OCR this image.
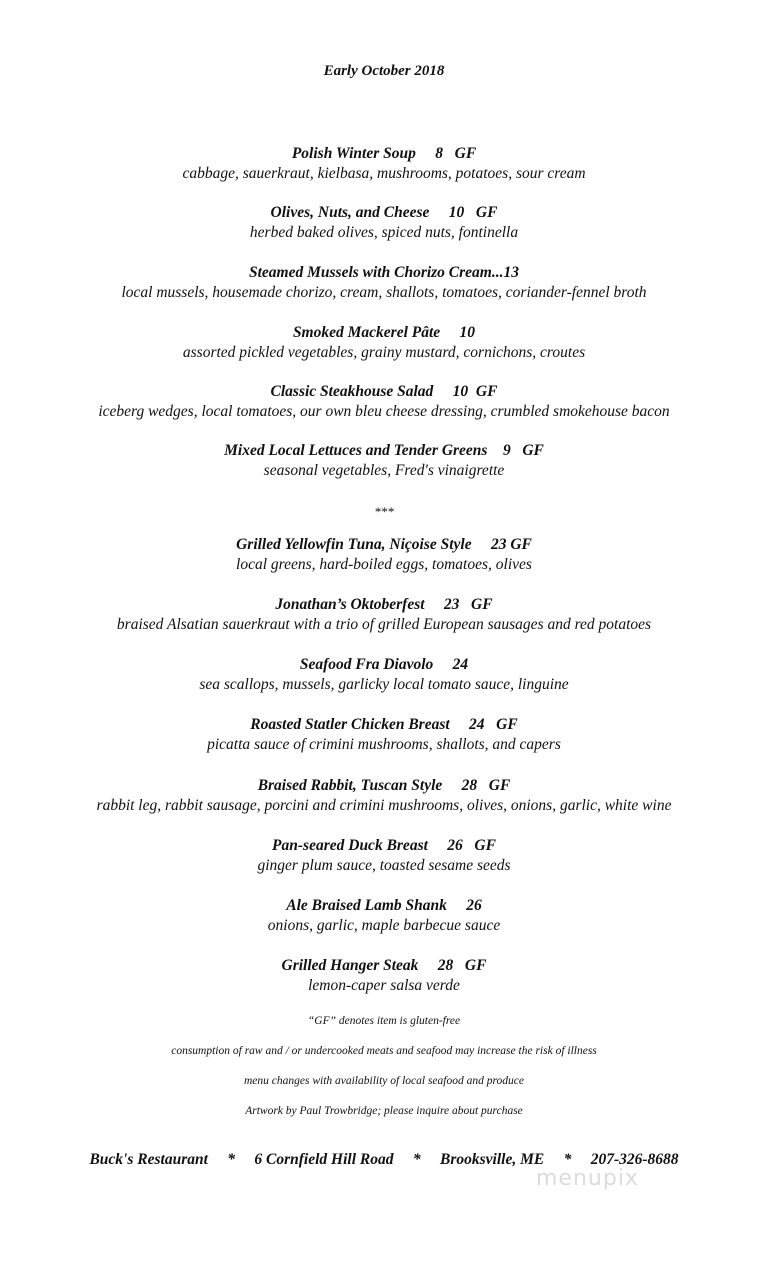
Early October 2018
Polish Winter Soup     8   GF
cabbage, sauerkraut, kielbasa, mushrooms, potatoes, sour cream
Olives, Nuts, and Cheese     10   GF
herbed baked olives, spiced nuts, fontinella
Steamed Mussels with Chorizo Cream...13
local mussels, housemade chorizo, cream, shallots, tomatoes, coriander-fennel broth
Smoked Mackerel Pâte     10
assorted pickled vegetables, grainy mustard, cornichons, croutes
Classic Steakhouse Salad     10  GF
iceberg wedges, local tomatoes, our own bleu cheese dressing, crumbled smokehouse bacon
Mixed Local Lettuces and Tender Greens    9   GF
seasonal vegetables, Fred's vinaigrette
***
Grilled Yellowfin Tuna, Niçoise Style     23 GF
local greens, hard-boiled eggs, tomatoes, olives
Jonathan’s Oktoberfest     23   GF
braised Alsatian sauerkraut with a trio of grilled European sausages and red potatoes
Seafood Fra Diavolo     24
sea scallops, mussels, garlicky local tomato sauce, linguine
Roasted Statler Chicken Breast     24   GF
picatta sauce of crimini mushrooms, shallots, and capers
Braised Rabbit, Tuscan Style     28   GF
rabbit leg, rabbit sausage, porcini and crimini mushrooms, olives, onions, garlic, white wine
Pan-seared Duck Breast     26   GF
ginger plum sauce, toasted sesame seeds
Ale Braised Lamb Shank     26
onions, garlic, maple barbecue sauce
Grilled Hanger Steak     28   GF
lemon-caper salsa verde
“GF” denotes item is gluten-free
consumption of raw and / or undercooked meats and seafood may increase the risk of illness
menu changes with availability of local seafood and produce
Artwork by Paul Trowbridge; please inquire about purchase
Buck's Restaurant     *     6 Cornfield Hill Road     *     Brooksville, ME     *     207-326-8688
menupix
